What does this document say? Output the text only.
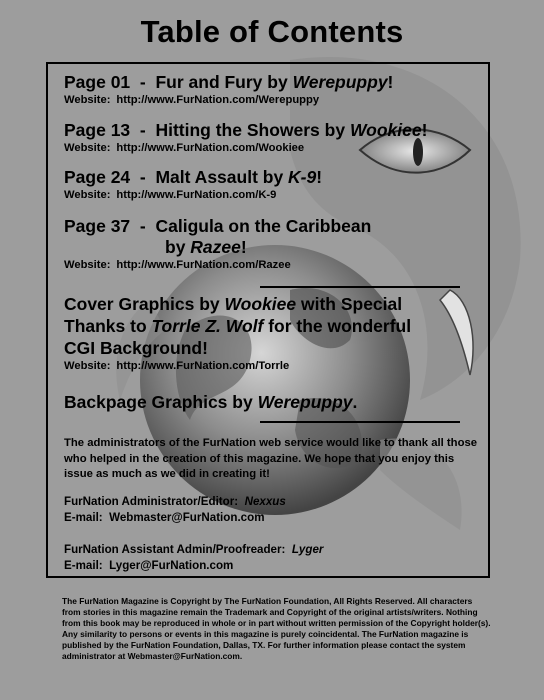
Table of Contents
Page 01 - Fur and Fury by Werepuppy!
Website: http://www.FurNation.com/Werepuppy
Page 13 - Hitting the Showers by Wookiee!
Website: http://www.FurNation.com/Wookiee
Page 24 - Malt Assault by K-9!
Website: http://www.FurNation.com/K-9
Page 37 - Caligula on the Caribbean
by Razee!
Website: http://www.FurNation.com/Razee
Cover Graphics by Wookiee with Special
Thanks to Torrle Z. Wolf for the wonderful
CGI Background!
Website: http://www.FurNation.com/Torrle
Backpage Graphics by Werepuppy.
The administrators of the FurNation web service would like to thank all those who helped in the creation of this magazine. We hope that you enjoy this issue as much as we did in creating it!
FurNation Administrator/Editor: Nexxus
E-mail: Webmaster@FurNation.com
FurNation Assistant Admin/Proofreader: Lyger
E-mail: Lyger@FurNation.com
The FurNation Magazine is Copyright by The FurNation Foundation, All Rights Reserved. All characters from stories in this magazine remain the Trademark and Copyright of the original artists/writers. Nothing from this book may be reproduced in whole or in part without written permission of the Copyright holder(s). Any similarity to persons or events in this magazine is purely coincidental. The FurNation magazine is published by the FurNation Foundation, Dallas, TX. For further information please contact the system administrator at Webmaster@FurNation.com.
